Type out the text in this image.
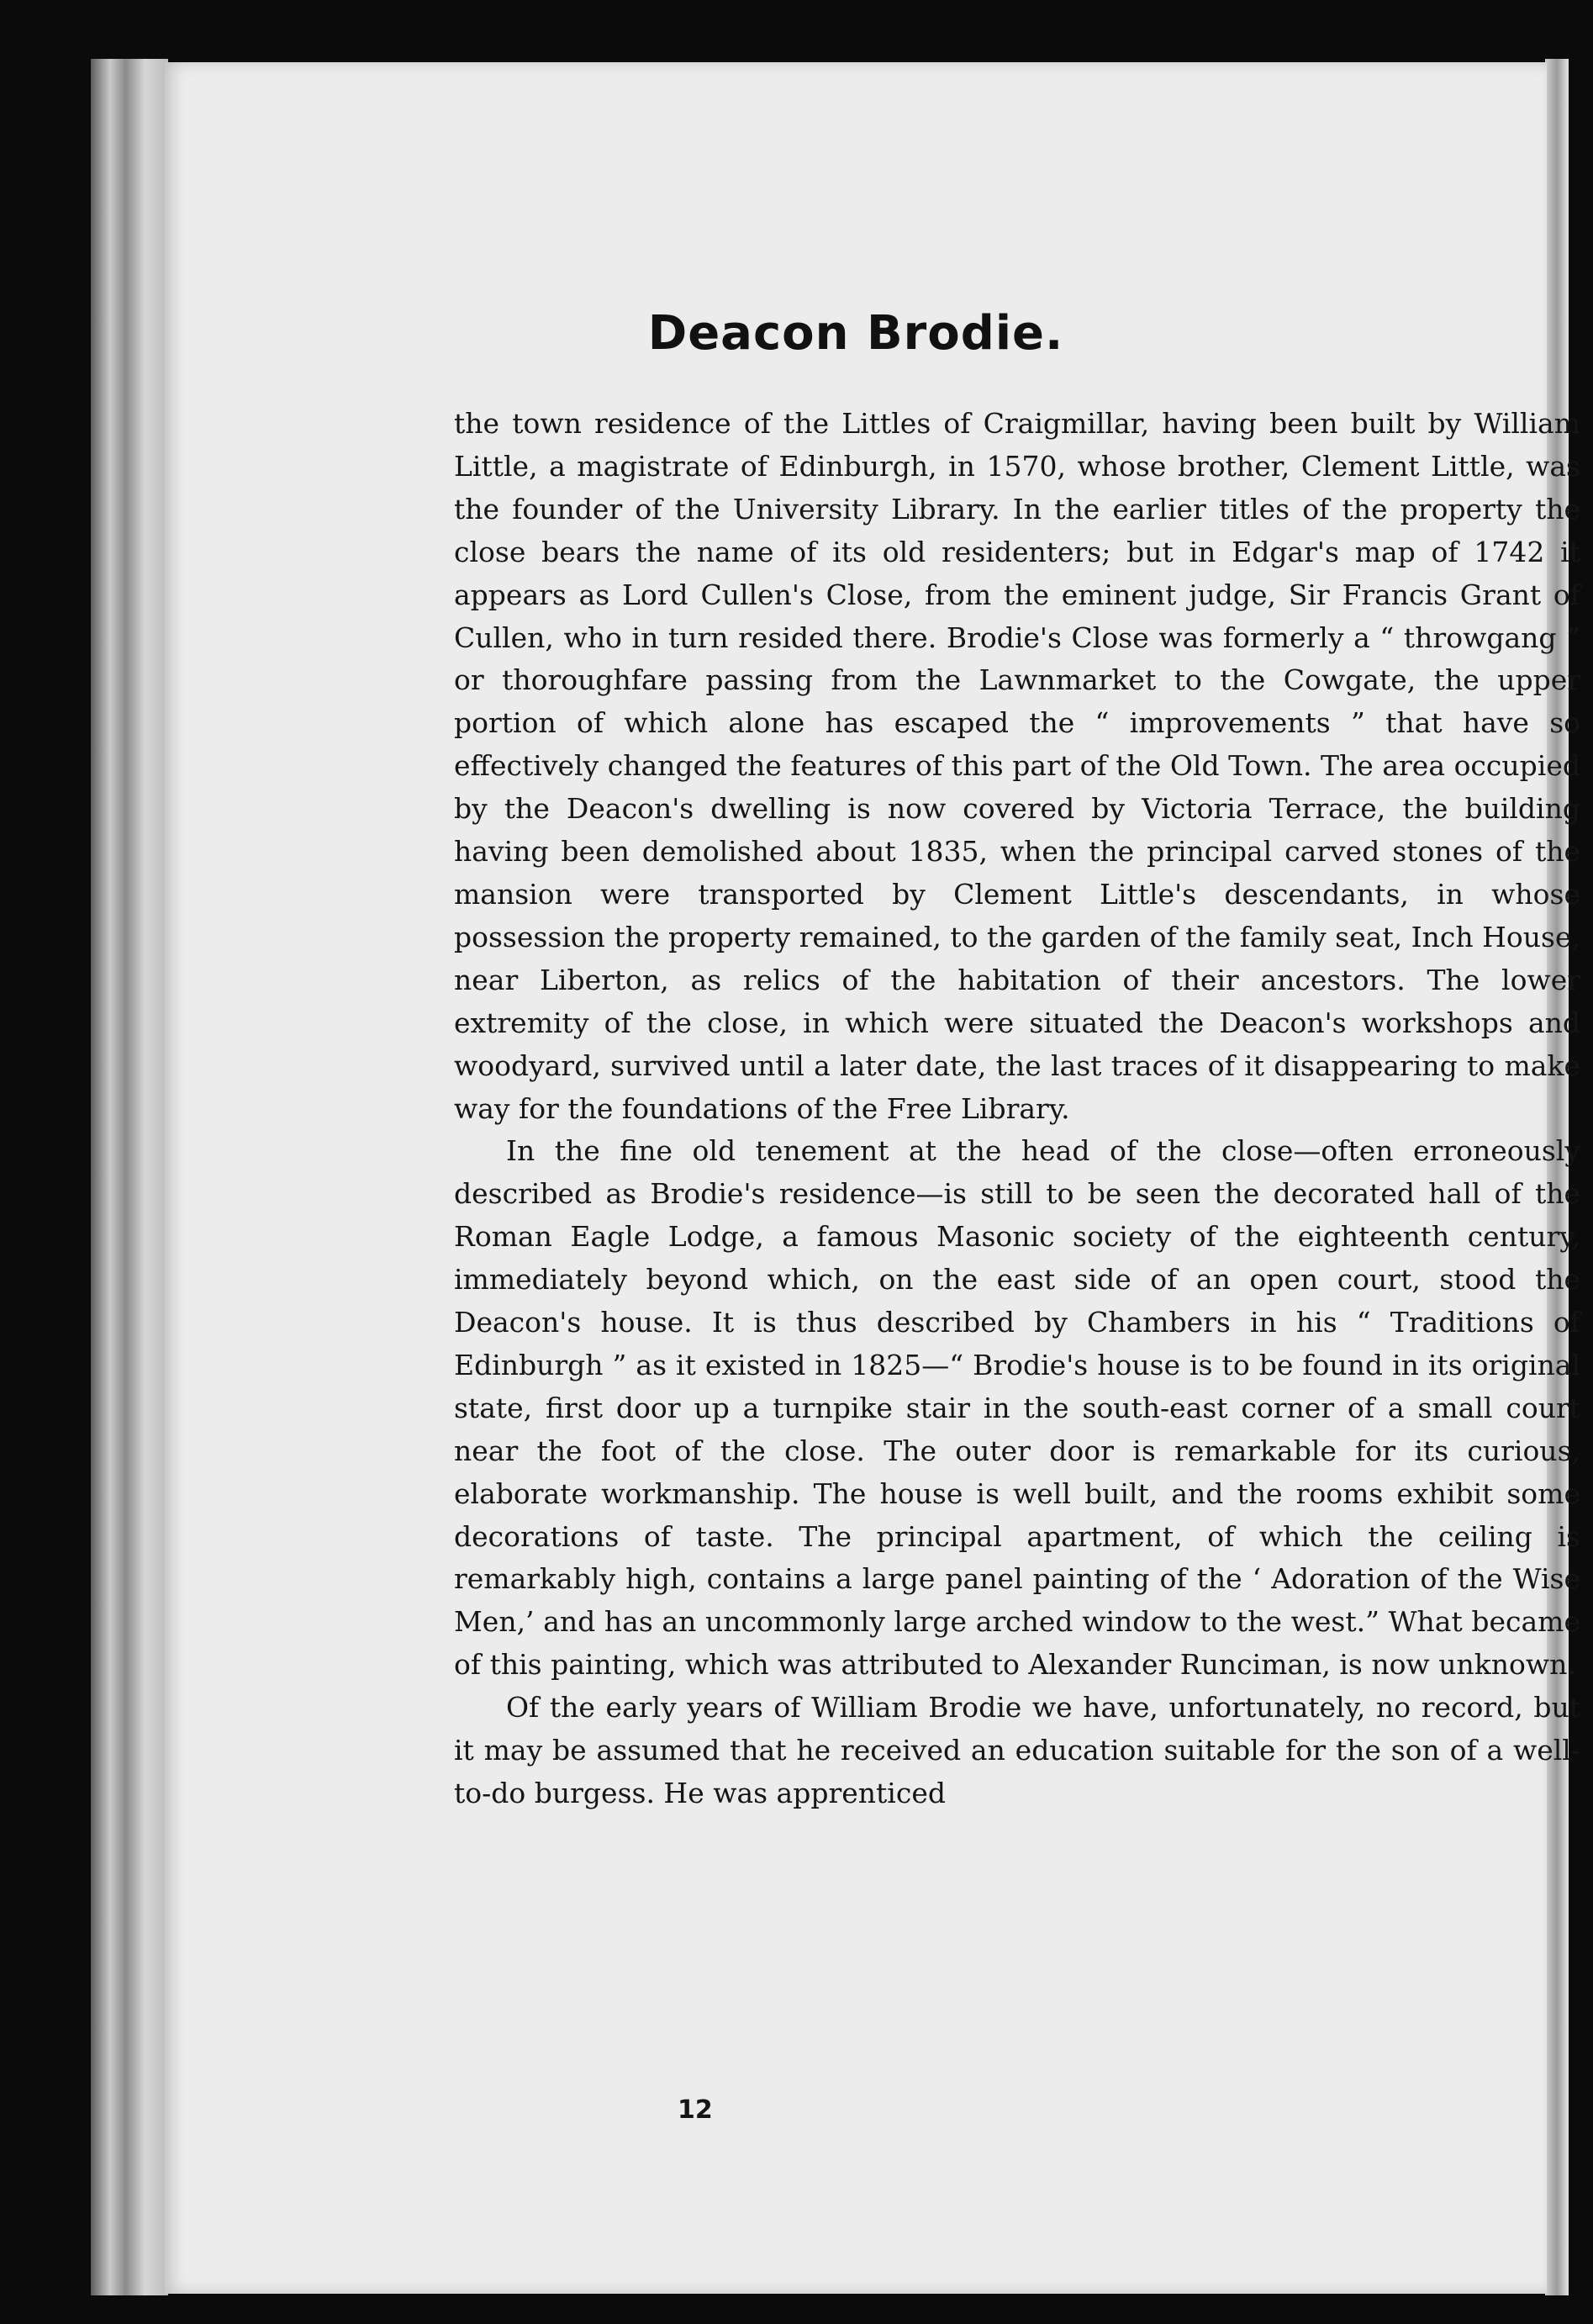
Deacon Brodie.

the town residence of the Littles of Craigmillar, having been built by William Little, a magistrate of Edinburgh, in 1570, whose brother, Clement Little, was the founder of the University Library. In the earlier titles of the property the close bears the name of its old residenters; but in Edgar's map of 1742 it appears as Lord Cullen's Close, from the eminent judge, Sir Francis Grant of Cullen, who in turn resided there. Brodie's Close was formerly a “ throwgang ” or thoroughfare passing from the Lawnmarket to the Cowgate, the upper portion of which alone has escaped the “ improvements ” that have so effectively changed the features of this part of the Old Town. The area occupied by the Deacon's dwelling is now covered by Victoria Terrace, the building having been demolished about 1835, when the principal carved stones of the mansion were transported by Clement Little's descendants, in whose possession the property remained, to the garden of the family seat, Inch House, near Liberton, as relics of the habitation of their ancestors. The lower extremity of the close, in which were situated the Deacon's workshops and woodyard, survived until a later date, the last traces of it disappearing to make way for the foundations of the Free Library.

In the fine old tenement at the head of the close—often erroneously described as Brodie's residence—is still to be seen the decorated hall of the Roman Eagle Lodge, a famous Masonic society of the eighteenth century, immediately beyond which, on the east side of an open court, stood the Deacon's house. It is thus described by Chambers in his “ Traditions of Edinburgh ” as it existed in 1825—“ Brodie's house is to be found in its original state, first door up a turnpike stair in the south-east corner of a small court near the foot of the close. The outer door is remarkable for its curious, elaborate workmanship. The house is well built, and the rooms exhibit some decorations of taste. The principal apartment, of which the ceiling is remarkably high, contains a large panel painting of the ‘ Adoration of the Wise Men,’ and has an uncommonly large arched window to the west.” What became of this painting, which was attributed to Alexander Runciman, is now unknown.

Of the early years of William Brodie we have, unfortunately, no record, but it may be assumed that he received an education suitable for the son of a well-to-do burgess. He was apprenticed

12
